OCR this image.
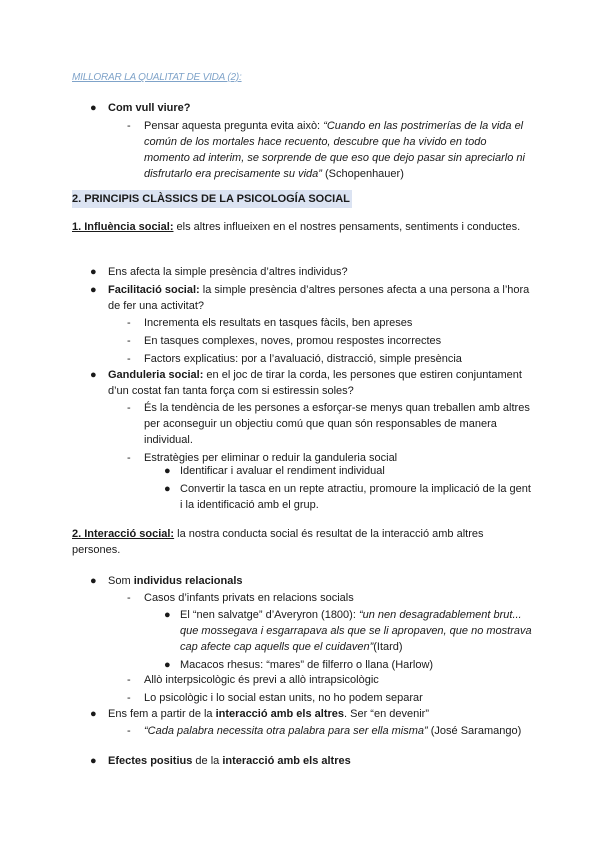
MILLORAR LA QUALITAT DE VIDA (2):
● Com vull viure?
- Pensar aquesta pregunta evita això: “Cuando en las postrimerías de la vida el común de los mortales hace recuento, descubre que ha vivido en todo momento ad interim, se sorprende de que eso que dejo pasar sin apreciarlo ni disfrutarlo era precisamente su vida” (Schopenhauer)
2. PRINCIPIS CLÀSSICS DE LA PSICOLOGÍA SOCIAL
1. Influència social: els altres influeixen en el nostres pensaments, sentiments i conductes.
● Ens afecta la simple presència d’altres individus?
● Facilitació social: la simple presència d’altres persones afecta a una persona a l’hora de fer una activitat?
- Incrementa els resultats en tasques fàcils, ben apreses
- En tasques complexes, noves, promou respostes incorrectes
- Factors explicatius: por a l’avaluació, distracció, simple presència
● Ganduleria social: en el joc de tirar la corda, les persones que estiren conjuntament d’un costat fan tanta força com si estiressin soles?
- És la tendència de les persones a esforçar-se menys quan treballen amb altres per aconseguir un objectiu comú que quan són responsables de manera individual.
- Estratègies per eliminar o reduir la ganduleria social
● Identificar i avaluar el rendiment individual
● Convertir la tasca en un repte atractiu, promoure la implicació de la gent i la identificació amb el grup.
2. Interacció social: la nostra conducta social és resultat de la interacció amb altres persones.
● Som individus relacionals
- Casos d’infants privats en relacions socials
● El “nen salvatge” d’Averyron (1800): “un nen desagradablement brut... que mossegava i esgarrapava als que se li apropaven, que no mostrava cap afecte cap aquells que el cuidaven”(Itard)
● Macacos rhesus: “mares” de filferro o llana (Harlow)
- Allò interpsicològic és previ a allò intrapsicològic
- Lo psicològic i lo social estan units, no ho podem separar
● Ens fem a partir de la interacció amb els altres. Ser “en devenir”
- “Cada palabra necessita otra palabra para ser ella misma” (José Saramango)
● Efectes positius de la interacció amb els altres
